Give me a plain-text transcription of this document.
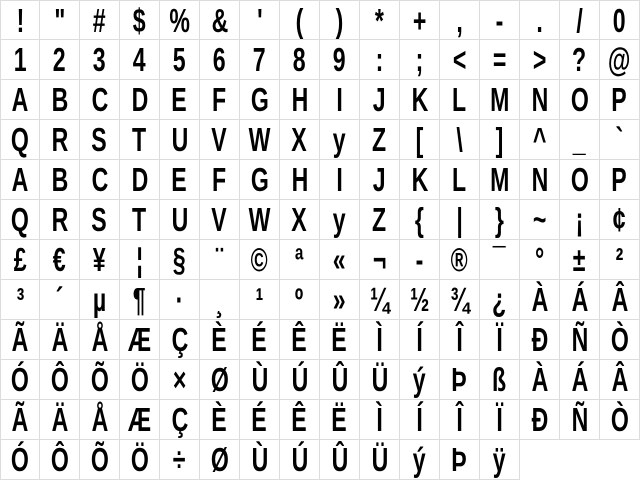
! " # $ % & '	( ) * + , - .	/ 0
1 2 3 4 5 6 7 8 9 : ; < = > ? @
A B C D E F G H I J K L M N O P
Q R S T U V W X y Z [ \ ] ^ _ `
A B C D E F G H I J K L M N O P
Q R S T U V W X y Z { | } ~ ¡ ¢
£ € ¥ ¦ § ¨ © ª « ¬ - ® ¯ ° ± ²
³ ´ µ ¶ · ¸ ¹ º » ¼ ½ ¾ ¿ À Á Â
Ã Ä Å Æ Ç È É Ê Ë Ì	Í	Î	Ï Ð Ñ Ò
Ó Ô Õ Ö × Ø Ù Ú Û Ü ý Þ ß À Á Â
Ã Ä Å Æ Ç È É Ê Ë Ì	Í	Î	Ï Ð Ñ Ò
Ó Ô Õ Ö ÷ Ø Ù Ú Û Ü ý Þ ÿ
